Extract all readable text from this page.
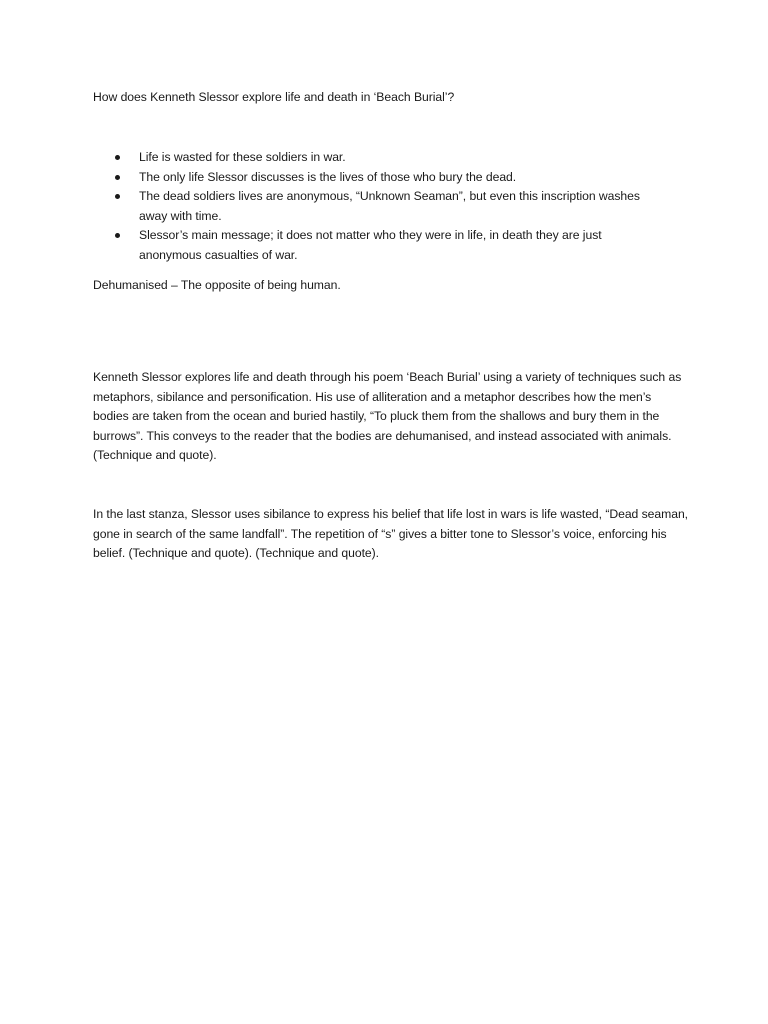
How does Kenneth Slessor explore life and death in ‘Beach Burial’?
Life is wasted for these soldiers in war.
The only life Slessor discusses is the lives of those who bury the dead.
The dead soldiers lives are anonymous, “Unknown Seaman”, but even this inscription washes away with time.
Slessor’s main message; it does not matter who they were in life, in death they are just anonymous casualties of war.
Dehumanised – The opposite of being human.

Kenneth Slessor explores life and death through his poem ‘Beach Burial’ using a variety of techniques such as metaphors, sibilance and personification. His use of alliteration and a metaphor describes how the men’s bodies are taken from the ocean and buried hastily, “To pluck them from the shallows and bury them in the burrows”. This conveys to the reader that the bodies are dehumanised, and instead associated with animals. (Technique and quote).

In the last stanza, Slessor uses sibilance to express his belief that life lost in wars is life wasted, “Dead seaman, gone in search of the same landfall”. The repetition of “s” gives a bitter tone to Slessor’s voice, enforcing his belief. (Technique and quote). (Technique and quote).
